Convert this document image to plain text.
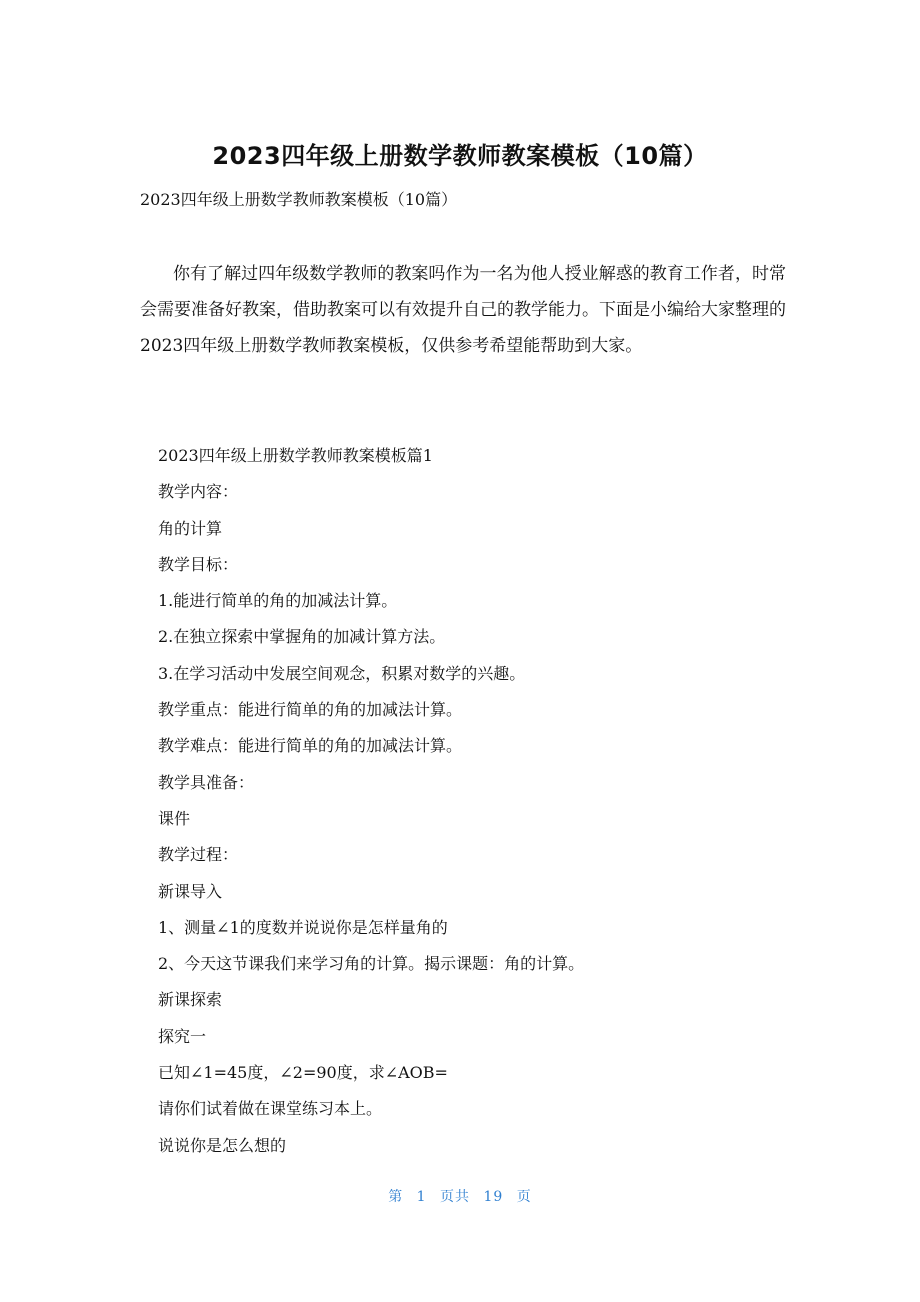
2023四年级上册数学教师教案模板（10篇）
2023四年级上册数学教师教案模板（10篇）

你有了解过四年级数学教师的教案吗作为一名为他人授业解惑的教育工作者，时常会需要准备好教案，借助教案可以有效提升自己的教学能力。下面是小编给大家整理的2023四年级上册数学教师教案模板，仅供参考希望能帮助到大家。

2023四年级上册数学教师教案模板篇1
教学内容：
角的计算
教学目标：
1.能进行简单的角的加减法计算。
2.在独立探索中掌握角的加减计算方法。
3.在学习活动中发展空间观念，积累对数学的兴趣。
教学重点：能进行简单的角的加减法计算。
教学难点：能进行简单的角的加减法计算。
教学具准备：
课件
教学过程：
新课导入
1、测量∠1的度数并说说你是怎样量角的
2、今天这节课我们来学习角的计算。揭示课题：角的计算。
新课探索
探究一
已知∠1=45度，∠2=90度，求∠AOB=
请你们试着做在课堂练习本上。
说说你是怎么想的
第 1 页共 19 页
